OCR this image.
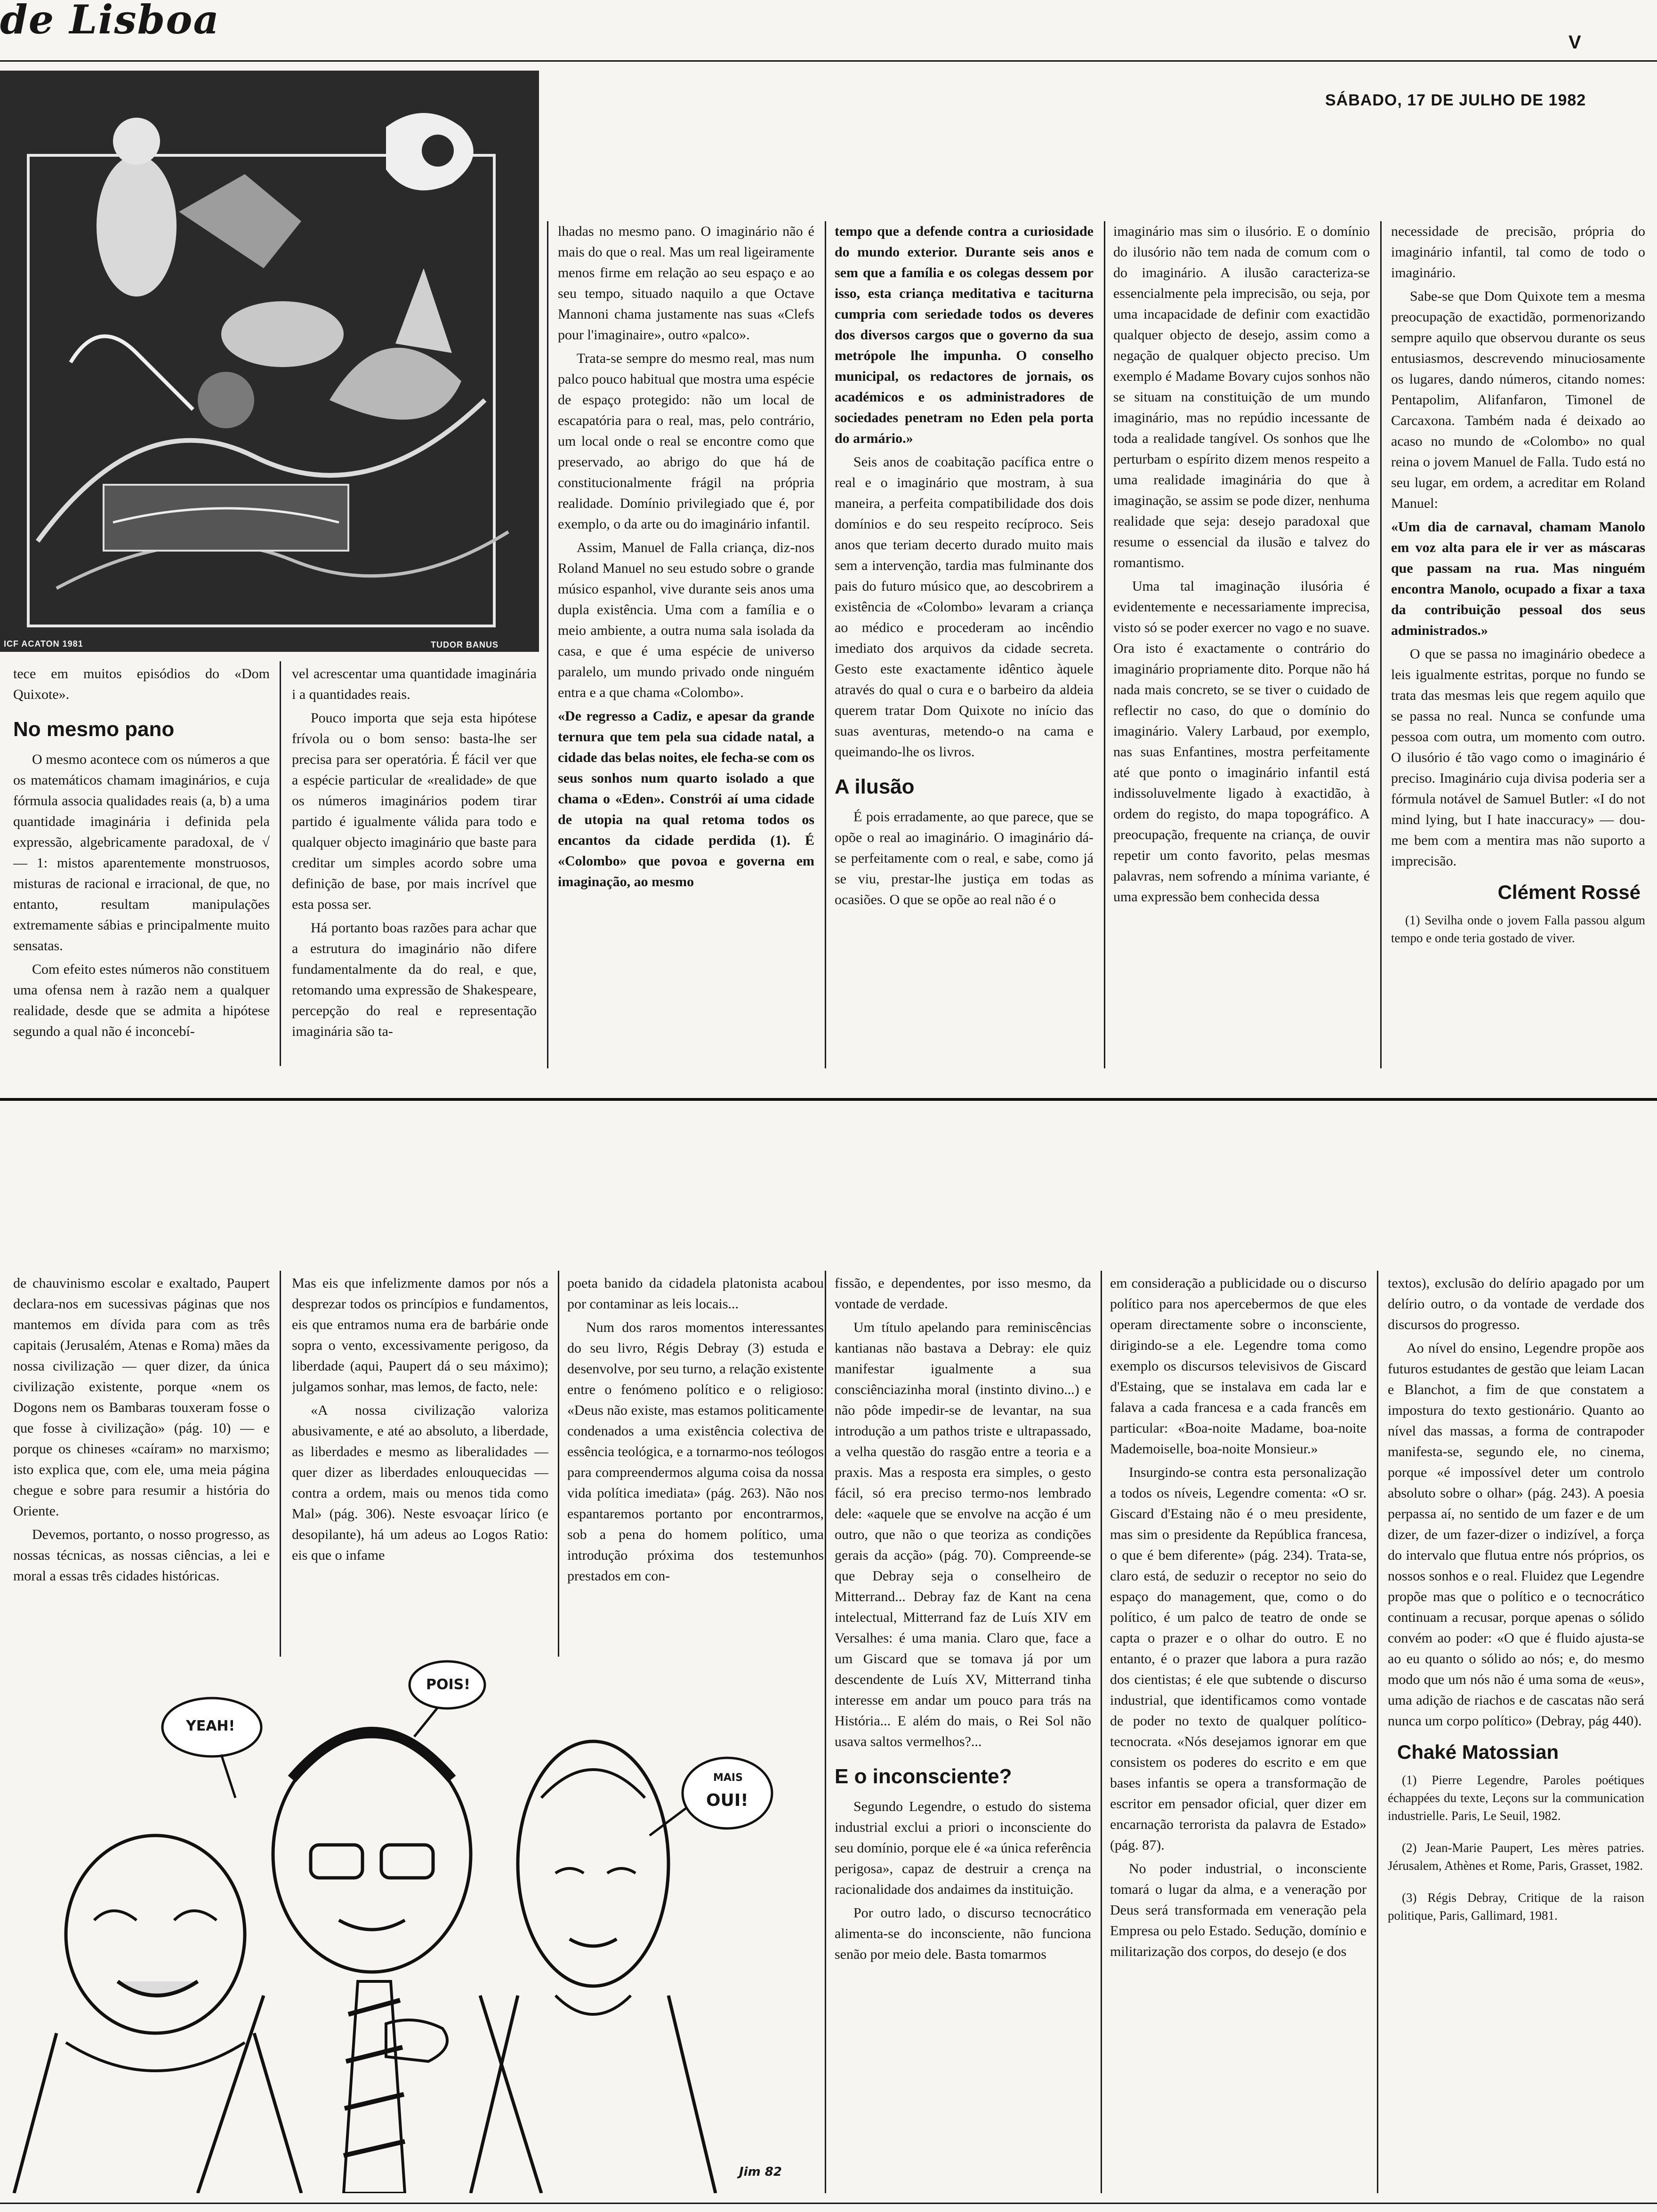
de Lisboa	V
SÁBADO, 17 DE JULHO DE 1982
ICF ACATON 1981	TUDOR BANUS

tece em muitos episódios do «Dom Quixote».

No mesmo pano

O mesmo acontece com os números a que os matemáticos chamam imaginários, e cuja fórmula associa qualidades reais (a, b) a uma quantidade imaginária i definida pela expressão, algebricamente paradoxal, de √ — 1: mistos aparentemente monstruosos, misturas de racional e irracional, de que, no entanto, resultam manipulações extremamente sábias e principalmente muito sensatas.

Com efeito estes números não constituem uma ofensa nem à razão nem a qualquer realidade, desde que se admita a hipótese segundo a qual não é inconcebí-

vel acrescentar uma quantidade imaginária i a quantidades reais.

Pouco importa que seja esta hipótese frívola ou o bom senso: basta-lhe ser precisa para ser operatória. É fácil ver que a espécie particular de «realidade» de que os números imaginários podem tirar partido é igualmente válida para todo e qualquer objecto imaginário que baste para creditar um simples acordo sobre uma definição de base, por mais incrível que esta possa ser.

Há portanto boas razões para achar que a estrutura do imaginário não difere fundamentalmente da do real, e que, retomando uma expressão de Shakespeare, percepção do real e representação imaginária são ta-

lhadas no mesmo pano. O imaginário não é mais do que o real. Mas um real ligeiramente menos firme em relação ao seu espaço e ao seu tempo, situado naquilo a que Octave Mannoni chama justamente nas suas «Clefs pour l'imaginaire», outro «palco».

Trata-se sempre do mesmo real, mas num palco pouco habitual que mostra uma espécie de espaço protegido: não um local de escapatória para o real, mas, pelo contrário, um local onde o real se encontre como que preservado, ao abrigo do que há de constitucionalmente frágil na própria realidade. Domínio privilegiado que é, por exemplo, o da arte ou do imaginário infantil.

Assim, Manuel de Falla criança, diz-nos Roland Manuel no seu estudo sobre o grande músico espanhol, vive durante seis anos uma dupla existência. Uma com a família e o meio ambiente, a outra numa sala isolada da casa, e que é uma espécie de universo paralelo, um mundo privado onde ninguém entra e a que chama «Colombo».

«De regresso a Cadiz, e apesar da grande ternura que tem pela sua cidade natal, a cidade das belas noites, ele fecha-se com os seus sonhos num quarto isolado a que chama o «Eden». Constrói aí uma cidade de utopia na qual retoma todos os encantos da cidade perdida (1). É «Colombo» que povoa e governa em imaginação, ao mesmo

tempo que a defende contra a curiosidade do mundo exterior. Durante seis anos e sem que a família e os colegas dessem por isso, esta criança meditativa e taciturna cumpria com seriedade todos os deveres dos diversos cargos que o governo da sua metrópole lhe impunha. O conselho municipal, os redactores de jornais, os académicos e os administradores de sociedades penetram no Eden pela porta do armário.»

Seis anos de coabitação pacífica entre o real e o imaginário que mostram, à sua maneira, a perfeita compatibilidade dos dois domínios e do seu respeito recíproco. Seis anos que teriam decerto durado muito mais sem a intervenção, tardia mas fulminante dos pais do futuro músico que, ao descobrirem a existência de «Colombo» levaram a criança ao médico e procederam ao incêndio imediato dos arquivos da cidade secreta. Gesto este exactamente idêntico àquele através do qual o cura e o barbeiro da aldeia querem tratar Dom Quixote no início das suas aventuras, metendo-o na cama e queimando-lhe os livros.

A ilusão

É pois erradamente, ao que parece, que se opõe o real ao imaginário. O imaginário dá-se perfeitamente com o real, e sabe, como já se viu, prestar-lhe justiça em todas as ocasiões. O que se opõe ao real não é o

imaginário mas sim o ilusório. E o domínio do ilusório não tem nada de comum com o do imaginário. A ilusão caracteriza-se essencialmente pela imprecisão, ou seja, por uma incapacidade de definir com exactidão qualquer objecto de desejo, assim como a negação de qualquer objecto preciso. Um exemplo é Madame Bovary cujos sonhos não se situam na constituição de um mundo imaginário, mas no repúdio incessante de toda a realidade tangível. Os sonhos que lhe perturbam o espírito dizem menos respeito a uma realidade imaginária do que à imaginação, se assim se pode dizer, nenhuma realidade que seja: desejo paradoxal que resume o essencial da ilusão e talvez do romantismo.

Uma tal imaginação ilusória é evidentemente e necessariamente imprecisa, visto só se poder exercer no vago e no suave. Ora isto é exactamente o contrário do imaginário propriamente dito. Porque não há nada mais concreto, se se tiver o cuidado de reflectir no caso, do que o domínio do imaginário. Valery Larbaud, por exemplo, nas suas Enfantines, mostra perfeitamente até que ponto o imaginário infantil está indissoluvelmente ligado à exactidão, à ordem do registo, do mapa topográfico. A preocupação, frequente na criança, de ouvir repetir um conto favorito, pelas mesmas palavras, nem sofrendo a mínima variante, é uma expressão bem conhecida dessa

necessidade de precisão, própria do imaginário infantil, tal como de todo o imaginário.

Sabe-se que Dom Quixote tem a mesma preocupação de exactidão, pormenorizando sempre aquilo que observou durante os seus entusiasmos, descrevendo minuciosamente os lugares, dando números, citando nomes: Pentapolim, Alifanfaron, Timonel de Carcaxona. Também nada é deixado ao acaso no mundo de «Colombo» no qual reina o jovem Manuel de Falla. Tudo está no seu lugar, em ordem, a acreditar em Roland Manuel:

«Um dia de carnaval, chamam Manolo em voz alta para ele ir ver as máscaras que passam na rua. Mas ninguém encontra Manolo, ocupado a fixar a taxa da contribuição pessoal dos seus administrados.»

O que se passa no imaginário obedece a leis igualmente estritas, porque no fundo se trata das mesmas leis que regem aquilo que se passa no real. Nunca se confunde uma pessoa com outra, um momento com outro. O ilusório é tão vago como o imaginário é preciso. Imaginário cuja divisa poderia ser a fórmula notável de Samuel Butler: «I do not mind lying, but I hate inaccuracy» — dou-me bem com a mentira mas não suporto a imprecisão.

Clément Rossé

(1) Sevilha onde o jovem Falla passou algum tempo e onde teria gostado de viver.

de chauvinismo escolar e exaltado, Paupert declara-nos em sucessivas páginas que nos mantemos em dívida para com as três capitais (Jerusalém, Atenas e Roma) mães da nossa civilização — quer dizer, da única civilização existente, porque «nem os Dogons nem os Bambaras touxeram fosse o que fosse à civilização» (pág. 10) — e porque os chineses «caíram» no marxismo; isto explica que, com ele, uma meia página chegue e sobre para resumir a história do Oriente.

Devemos, portanto, o nosso progresso, as nossas técnicas, as nossas ciências, a lei e moral a essas três cidades históricas.

Mas eis que infelizmente damos por nós a desprezar todos os princípios e fundamentos, eis que entramos numa era de barbárie onde sopra o vento, excessivamente perigoso, da liberdade (aqui, Paupert dá o seu máximo); julgamos sonhar, mas lemos, de facto, nele:

«A nossa civilização valoriza abusivamente, e até ao absoluto, a liberdade, as liberdades e mesmo as liberalidades — quer dizer as liberdades enlouquecidas — contra a ordem, mais ou menos tida como Mal» (pág. 306). Neste esvoaçar lírico (e desopilante), há um adeus ao Logos Ratio: eis que o infame

poeta banido da cidadela platonista acabou por contaminar as leis locais...

Num dos raros momentos interessantes do seu livro, Régis Debray (3) estuda e desenvolve, por seu turno, a relação existente entre o fenómeno político e o religioso: «Deus não existe, mas estamos politicamente condenados a uma existência colectiva de essência teológica, e a tornarmo-nos teólogos para compreendermos alguma coisa da nossa vida política imediata» (pág. 263). Não nos espantaremos portanto por encontrarmos, sob a pena do homem político, uma introdução próxima dos testemunhos prestados em con-

fissão, e dependentes, por isso mesmo, da vontade de verdade.

Um título apelando para reminiscências kantianas não bastava a Debray: ele quiz manifestar igualmente a sua consciênciazinha moral (instinto divino...) e não pôde impedir-se de levantar, na sua introdução a um pathos triste e ultrapassado, a velha questão do rasgão entre a teoria e a praxis. Mas a resposta era simples, o gesto fácil, só era preciso termo-nos lembrado dele: «aquele que se envolve na acção é um outro, que não o que teoriza as condições gerais da acção» (pág. 70). Compreende-se que Debray seja o conselheiro de Mitterrand... Debray faz de Kant na cena intelectual, Mitterrand faz de Luís XIV em Versalhes: é uma mania. Claro que, face a um Giscard que se tomava já por um descendente de Luís XV, Mitterrand tinha interesse em andar um pouco para trás na História... E além do mais, o Rei Sol não usava saltos vermelhos?...

E o inconsciente?

Segundo Legendre, o estudo do sistema industrial exclui a priori o inconsciente do seu domínio, porque ele é «a única referência perigosa», capaz de destruir a crença na racionalidade dos andaimes da instituição.

Por outro lado, o discurso tecnocrático alimenta-se do inconsciente, não funciona senão por meio dele. Basta tomarmos

em consideração a publicidade ou o discurso político para nos apercebermos de que eles operam directamente sobre o inconsciente, dirigindo-se a ele. Legendre toma como exemplo os discursos televisivos de Giscard d'Estaing, que se instalava em cada lar e falava a cada francesa e a cada francês em particular: «Boa-noite Madame, boa-noite Mademoiselle, boa-noite Monsieur.»

Insurgindo-se contra esta personalização a todos os níveis, Legendre comenta: «O sr. Giscard d'Estaing não é o meu presidente, mas sim o presidente da República francesa, o que é bem diferente» (pág. 234). Trata-se, claro está, de seduzir o receptor no seio do espaço do management, que, como o do político, é um palco de teatro de onde se capta o prazer e o olhar do outro. E no entanto, é o prazer que labora a pura razão dos cientistas; é ele que subtende o discurso industrial, que identificamos como vontade de poder no texto de qualquer político-tecnocrata. «Nós desejamos ignorar em que consistem os poderes do escrito e em que bases infantis se opera a transformação de escritor em pensador oficial, quer dizer em encarnação terrorista da palavra de Estado» (pág. 87).

No poder industrial, o inconsciente tomará o lugar da alma, e a veneração por Deus será transformada em veneração pela Empresa ou pelo Estado. Sedução, domínio e militarização dos corpos, do desejo (e dos

textos), exclusão do delírio apagado por um delírio outro, o da vontade de verdade dos discursos do progresso.

Ao nível do ensino, Legendre propõe aos futuros estudantes de gestão que leiam Lacan e Blanchot, a fim de que constatem a impostura do texto gestionário. Quanto ao nível das massas, a forma de contrapoder manifesta-se, segundo ele, no cinema, porque «é impossível deter um controlo absoluto sobre o olhar» (pág. 243). A poesia perpassa aí, no sentido de um fazer e de um dizer, de um fazer-dizer o indizível, a força do intervalo que flutua entre nós próprios, os nossos sonhos e o real. Fluidez que Legendre propõe mas que o político e o tecnocrático continuam a recusar, porque apenas o sólido convém ao poder: «O que é fluido ajusta-se ao eu quanto o sólido ao nós; e, do mesmo modo que um nós não é uma soma de «eus», uma adição de riachos e de cascatas não será nunca um corpo político» (Debray, pág 440).

Chaké Matossian

(1) Pierre Legendre, Paroles poétiques échappées du texte, Leçons sur la communication industrielle. Paris, Le Seuil, 1982.

(2) Jean-Marie Paupert, Les mères patries. Jérusalem, Athènes et Rome, Paris, Grasset, 1982.

(3) Régis Debray, Critique de la raison politique, Paris, Gallimard, 1981.

YEAH!
POIS!
MAIS
OUI!
Jim 82
